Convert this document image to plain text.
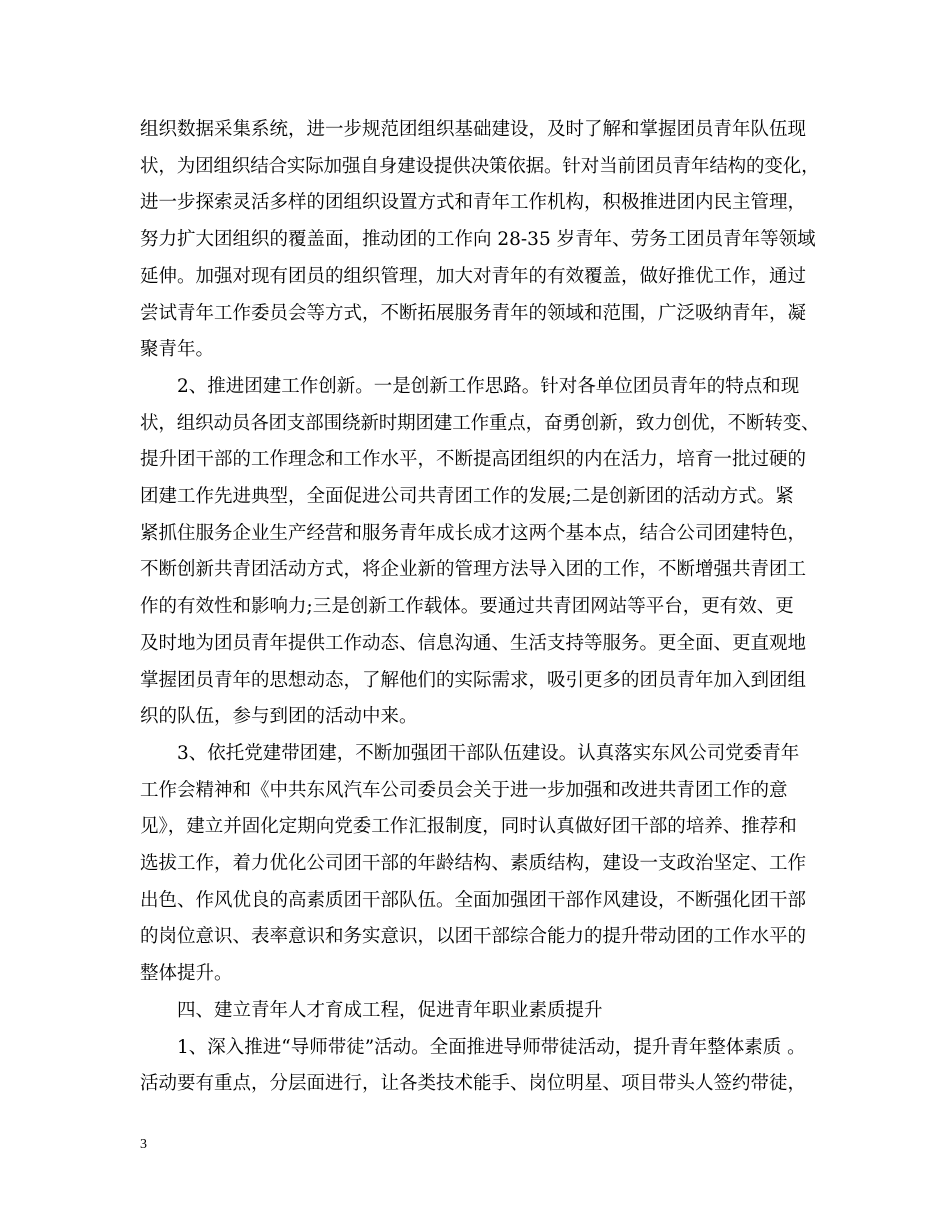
组织数据采集系统，进一步规范团组织基础建设，及时了解和掌握团员青年队伍现
状，为团组织结合实际加强自身建设提供决策依据。针对当前团员青年结构的变化，
进一步探索灵活多样的团组织设置方式和青年工作机构，积极推进团内民主管理，
努力扩大团组织的覆盖面，推动团的工作向 28-35 岁青年、劳务工团员青年等领域
延伸。加强对现有团员的组织管理，加大对青年的有效覆盖，做好推优工作，通过
尝试青年工作委员会等方式，不断拓展服务青年的领域和范围，广泛吸纳青年，凝
聚青年。
　　2、推进团建工作创新。一是创新工作思路。针对各单位团员青年的特点和现
状，组织动员各团支部围绕新时期团建工作重点，奋勇创新，致力创优，不断转变、
提升团干部的工作理念和工作水平，不断提高团组织的内在活力，培育一批过硬的
团建工作先进典型，全面促进公司共青团工作的发展;二是创新团的活动方式。紧
紧抓住服务企业生产经营和服务青年成长成才这两个基本点，结合公司团建特色，
不断创新共青团活动方式，将企业新的管理方法导入团的工作，不断增强共青团工
作的有效性和影响力;三是创新工作载体。要通过共青团网站等平台，更有效、更
及时地为团员青年提供工作动态、信息沟通、生活支持等服务。更全面、更直观地
掌握团员青年的思想动态，了解他们的实际需求，吸引更多的团员青年加入到团组
织的队伍，参与到团的活动中来。
　　3、依托党建带团建，不断加强团干部队伍建设。认真落实东风公司党委青年
工作会精神和《中共东风汽车公司委员会关于进一步加强和改进共青团工作的意
见》，建立并固化定期向党委工作汇报制度，同时认真做好团干部的培养、推荐和
选拔工作，着力优化公司团干部的年龄结构、素质结构，建设一支政治坚定、工作
出色、作风优良的高素质团干部队伍。全面加强团干部作风建设，不断强化团干部
的岗位意识、表率意识和务实意识，以团干部综合能力的提升带动团的工作水平的
整体提升。
　　四、建立青年人才育成工程，促进青年职业素质提升
　　1、深入推进“导师带徒”活动。全面推进导师带徒活动，提升青年整体素质 。
活动要有重点，分层面进行，让各类技术能手、岗位明星、项目带头人签约带徒，
3
